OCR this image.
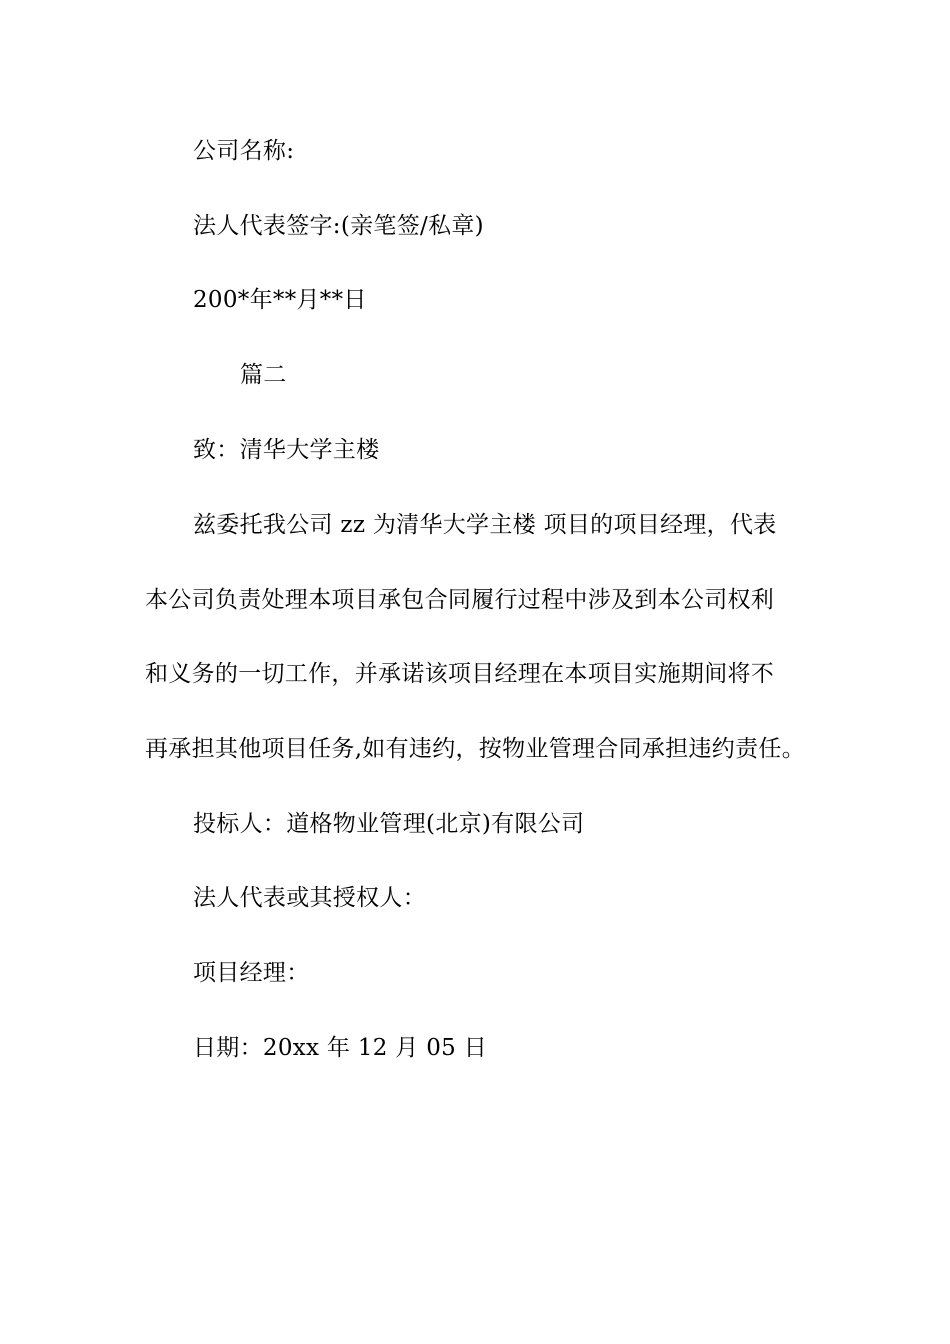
公司名称:
法人代表签字:(亲笔签/私章)
200*年**月**日
篇二
致：清华大学主楼
兹委托我公司 zz 为清华大学主楼 项目的项目经理，代表
本公司负责处理本项目承包合同履行过程中涉及到本公司权利
和义务的一切工作，并承诺该项目经理在本项目实施期间将不
再承担其他项目任务,如有违约，按物业管理合同承担违约责任。
投标人：道格物业管理(北京)有限公司
法人代表或其授权人：
项目经理：
日期：20xx 年 12 月 05 日
